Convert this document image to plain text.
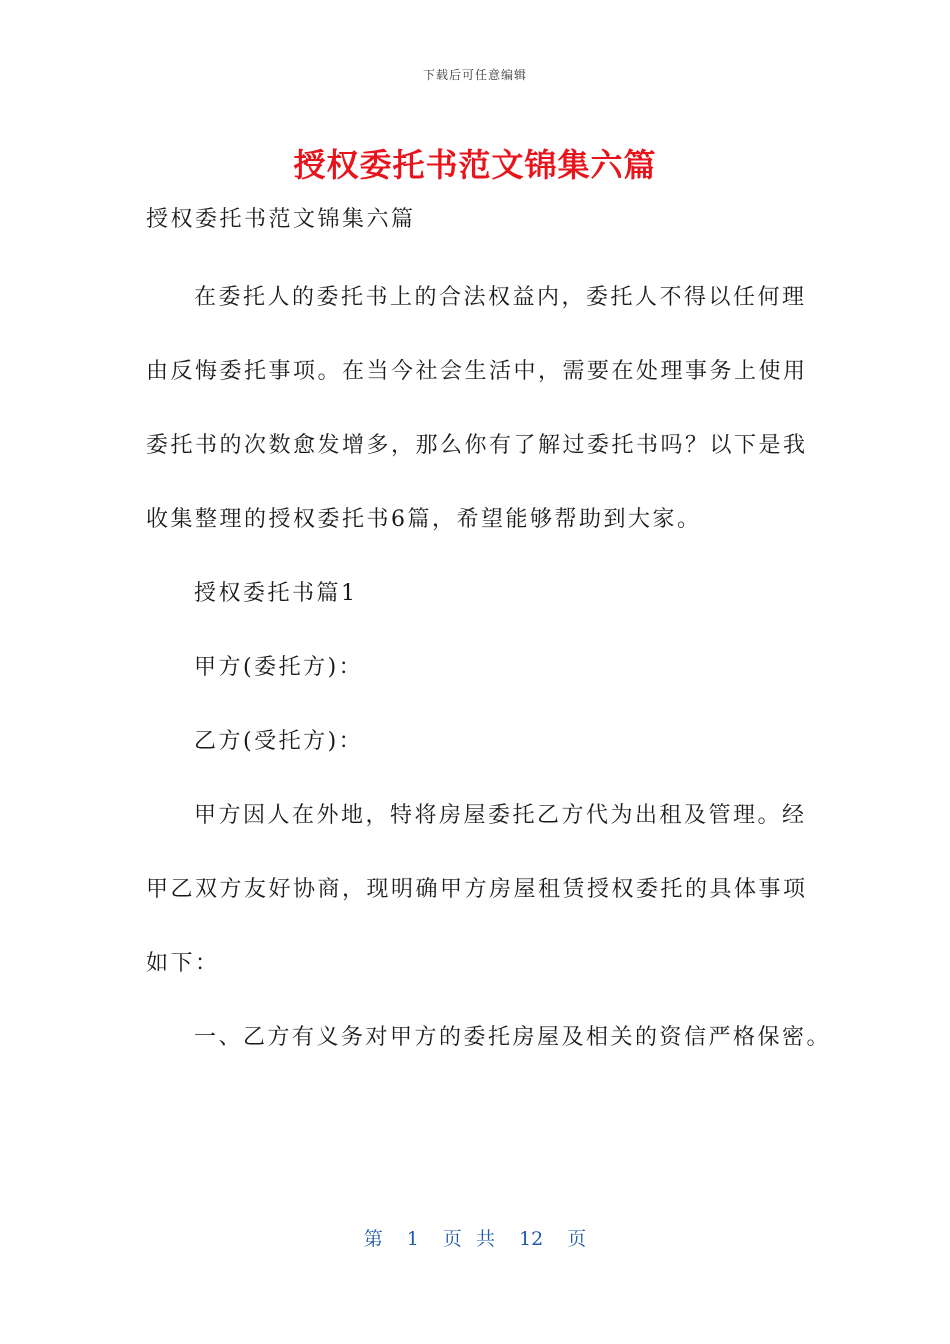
下载后可任意编辑
授权委托书范文锦集六篇
授权委托书范文锦集六篇
在委托人的委托书上的合法权益内，委托人不得以任何理
由反悔委托事项。在当今社会生活中，需要在处理事务上使用
委托书的次数愈发增多，那么你有了解过委托书吗？以下是我
收集整理的授权委托书6篇，希望能够帮助到大家。
授权委托书篇1
甲方(委托方)：
乙方(受托方)：
甲方因人在外地，特将房屋委托乙方代为出租及管理。经
甲乙双方友好协商，现明确甲方房屋租赁授权委托的具体事项
如下：
一、乙方有义务对甲方的委托房屋及相关的资信严格保密。
第 1 页 共 12 页
